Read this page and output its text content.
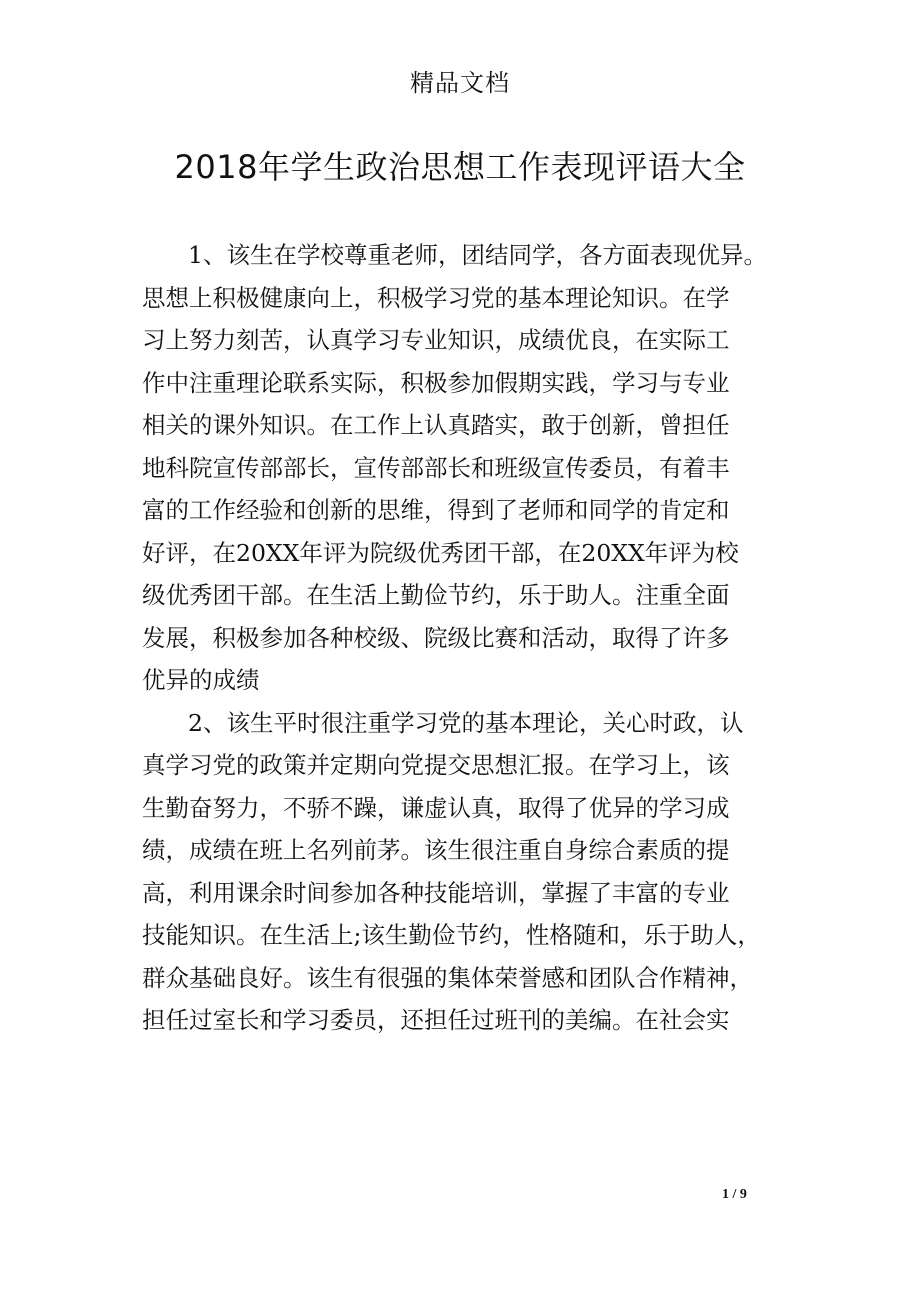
精品文档
2018年学生政治思想工作表现评语大全

1、该生在学校尊重老师，团结同学，各方面表现优异。
思想上积极健康向上，积极学习党的基本理论知识。在学
习上努力刻苦，认真学习专业知识，成绩优良，在实际工
作中注重理论联系实际，积极参加假期实践，学习与专业
相关的课外知识。在工作上认真踏实，敢于创新，曾担任
地科院宣传部部长，宣传部部长和班级宣传委员，有着丰
富的工作经验和创新的思维，得到了老师和同学的肯定和
好评，在20XX年评为院级优秀团干部，在20XX年评为校
级优秀团干部。在生活上勤俭节约，乐于助人。注重全面
发展，积极参加各种校级、院级比赛和活动，取得了许多
优异的成绩

2、该生平时很注重学习党的基本理论，关心时政，认
真学习党的政策并定期向党提交思想汇报。在学习上，该
生勤奋努力，不骄不躁，谦虚认真，取得了优异的学习成
绩，成绩在班上名列前茅。该生很注重自身综合素质的提
高，利用课余时间参加各种技能培训，掌握了丰富的专业
技能知识。在生活上;该生勤俭节约，性格随和，乐于助人，
群众基础良好。该生有很强的集体荣誉感和团队合作精神，
担任过室长和学习委员，还担任过班刊的美编。在社会实

1 / 9
